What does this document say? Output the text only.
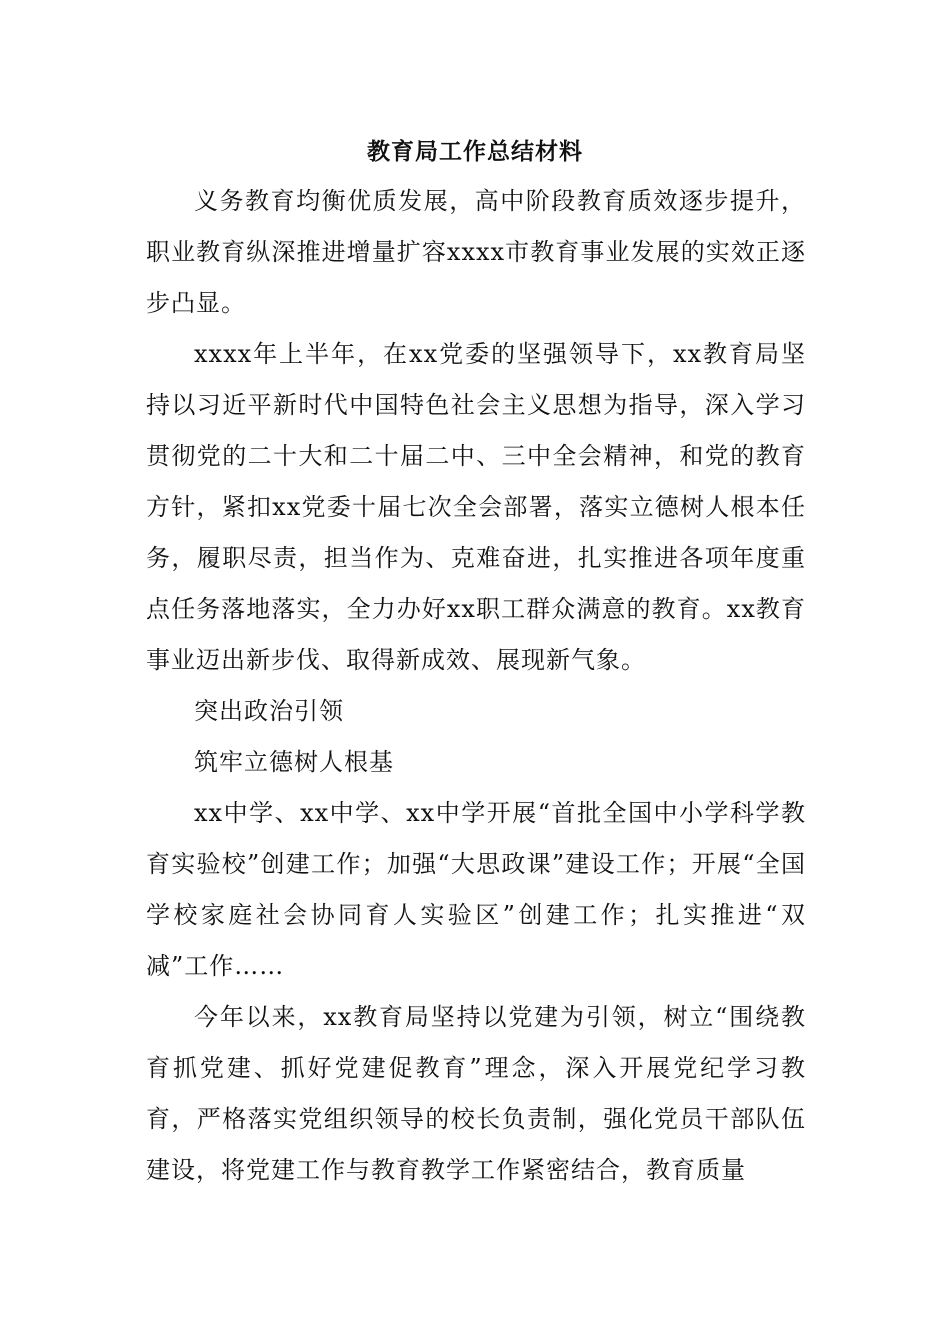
教育局工作总结材料

义务教育均衡优质发展，高中阶段教育质效逐步提升，职业教育纵深推进增量扩容xxxx市教育事业发展的实效正逐步凸显。

xxxx年上半年，在xx党委的坚强领导下，xx教育局坚持以习近平新时代中国特色社会主义思想为指导，深入学习贯彻党的二十大和二十届二中、三中全会精神，和党的教育方针，紧扣xx党委十届七次全会部署，落实立德树人根本任务，履职尽责，担当作为、克难奋进，扎实推进各项年度重点任务落地落实，全力办好xx职工群众满意的教育。xx教育事业迈出新步伐、取得新成效、展现新气象。

突出政治引领

筑牢立德树人根基

xx中学、xx中学、xx中学开展“首批全国中小学科学教育实验校”创建工作；加强“大思政课”建设工作；开展“全国学校家庭社会协同育人实验区”创建工作；扎实推进“双减”工作……

今年以来，xx教育局坚持以党建为引领，树立“围绕教育抓党建、抓好党建促教育”理念，深入开展党纪学习教育，严格落实党组织领导的校长负责制，强化党员干部队伍建设，将党建工作与教育教学工作紧密结合，教育质量
